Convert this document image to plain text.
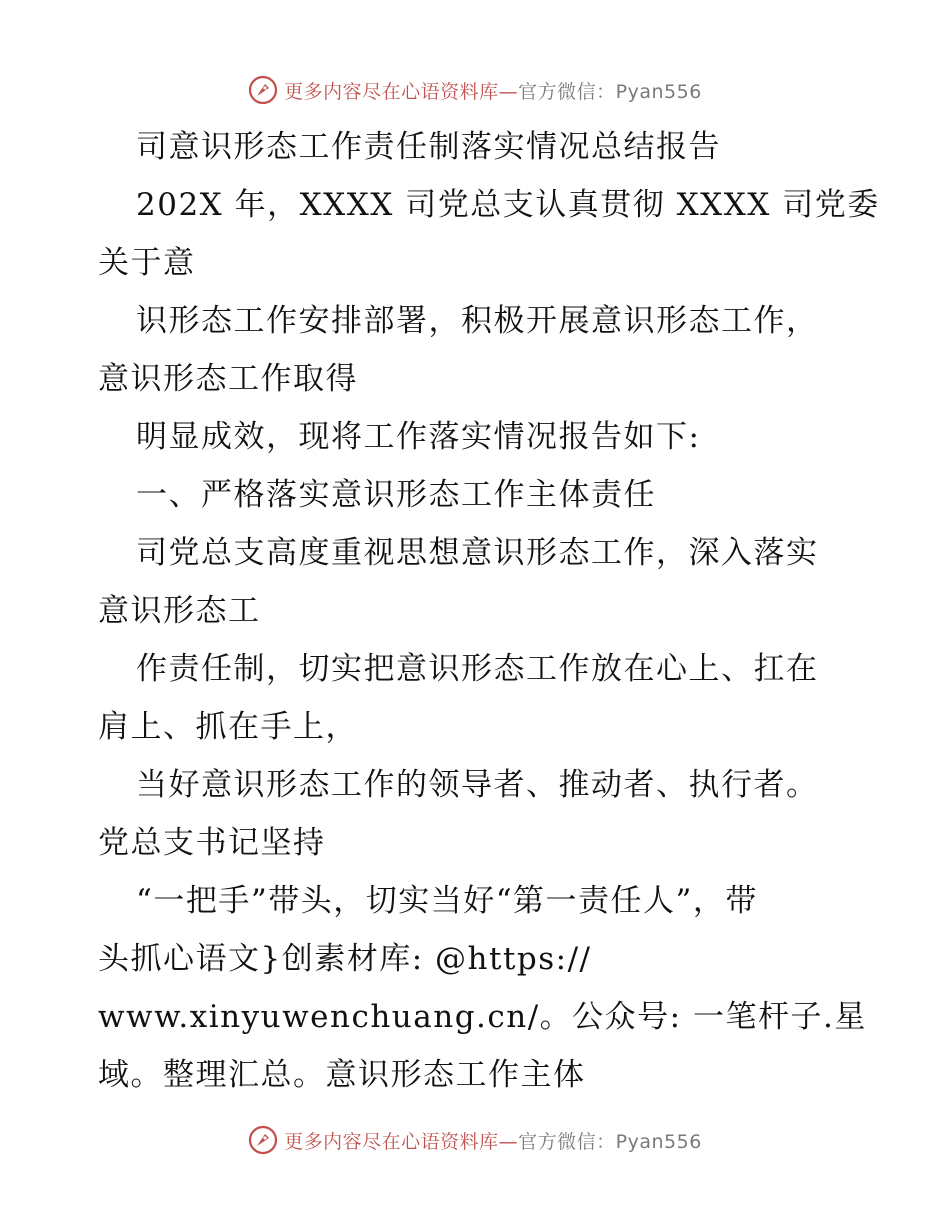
更多内容尽在心语资料库—官方微信：Pyan556
司意识形态工作责任制落实情况总结报告
202X 年，XXXX 司党总支认真贯彻 XXXX 司党委
关于意
识形态工作安排部署，积极开展意识形态工作，
意识形态工作取得
明显成效，现将工作落实情况报告如下:
一、严格落实意识形态工作主体责任
司党总支高度重视思想意识形态工作，深入落实
意识形态工
作责任制，切实把意识形态工作放在心上、扛在
肩上、抓在手上，
当好意识形态工作的领导者、推动者、执行者。
党总支书记坚持
“一把手”带头，切实当好“第一责任人”，带
头抓心语文}创素材库: @https://
www.xinyuwenchuang.cn/。公众号: 一笔杆子.星
域。整理汇总。意识形态工作主体
更多内容尽在心语资料库—官方微信：Pyan556
